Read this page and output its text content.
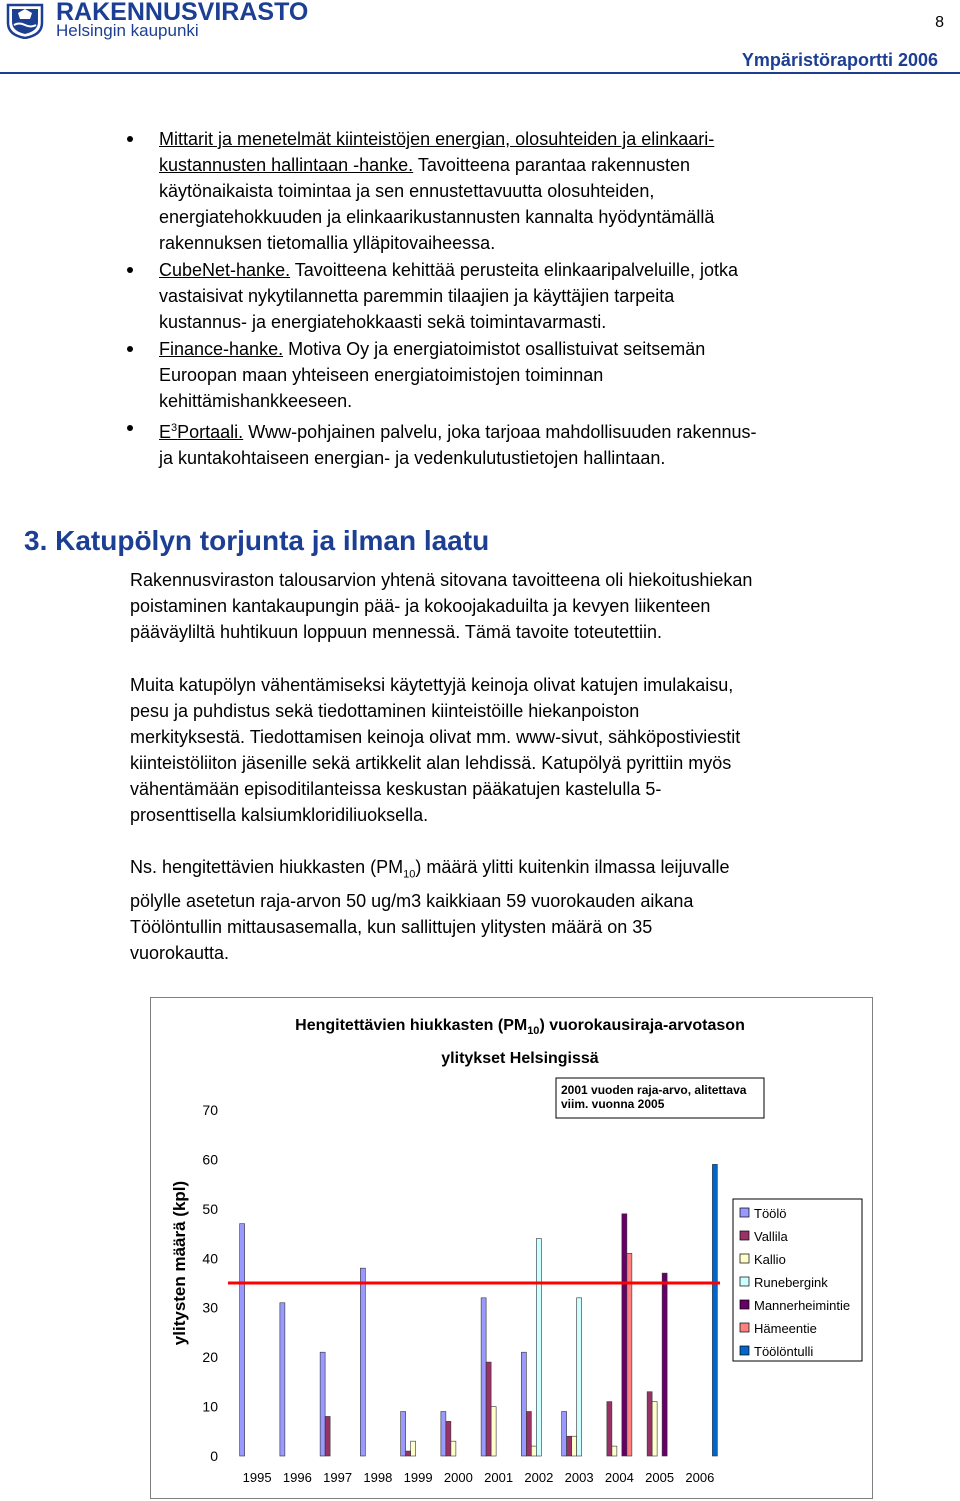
RAKENNUSVIRASTO
Helsingin kaupunki	8
Ympäristöraportti 2006
Mittarit ja menetelmät kiinteistöjen energian, olosuhteiden ja elinkaari-
kustannusten hallintaan -hanke. Tavoitteena parantaa rakennusten
käytönaikaista toimintaa ja sen ennustettavuutta olosuhteiden,
energiatehokkuuden ja elinkaarikustannusten kannalta hyödyntämällä
rakennuksen tietomallia ylläpitovaiheessa.
CubeNet-hanke. Tavoitteena kehittää perusteita elinkaaripalveluille, jotka
vastaisivat nykytilannetta paremmin tilaajien ja käyttäjien tarpeita
kustannus- ja energiatehokkaasti sekä toimintavarmasti.
Finance-hanke. Motiva Oy ja energiatoimistot osallistuivat seitsemän
Euroopan maan yhteiseen energiatoimistojen toiminnan
kehittämishankkeeseen.
$E^3Portaali$. Www-pohjainen palvelu, joka tarjoaa mahdollisuuden rakennus-
ja kuntakohtaiseen energian- ja vedenkulutustietojen hallintaan.
3. Katupölyn torjunta ja ilman laatu

Rakennusviraston talousarvion yhtenä sitovana tavoitteena oli hiekoitushiekan
poistaminen kantakaupungin pää- ja kokoojakaduilta ja kevyen liikenteen
pääväyliltä huhtikuun loppuun mennessä. Tämä tavoite toteutettiin.

Muita katupölyn vähentämiseksi käytettyjä keinoja olivat katujen imulakaisu,
pesu ja puhdistus sekä tiedottaminen kiinteistöille hiekanpoiston
merkityksestä. Tiedottamisen keinoja olivat mm. www-sivut, sähköpostiviestit
kiinteistöliiton jäsenille sekä artikkelit alan lehdissä. Katupölyä pyrittiin myös
vähentämään episoditilanteissa keskustan pääkatujen kastelulla 5-
prosenttisella kalsiumkloridiliuoksella.

Ns. hengitettävien hiukkasten $(PM_{10})$ määrä ylitti kuitenkin ilmassa leijuvalle
pölylle asetetun raja-arvon 50 ug/m3 kaikkiaan 59 vuorokauden aikana
Töölöntullin mittausasemalla, kun sallittujen ylitysten määrä on 35
vuorokautta.

Hengitettävien hiukkasten $(PM_{10})$ vuorokausiraja-arvotason
ylitykset Helsingissä
0
10
20
30
40
50
60
70
ylitysten määrä (kpl)
1995 1996 1997 1998 1999 2000 2001 2002 2003 2004 2005 2006
2001 vuoden raja-arvo, alitettava
viim. vuonna 2005
Töölö
Vallila
Kallio
Runebergink
Mannerheimintie
Hämeentie
Töölöntulli
